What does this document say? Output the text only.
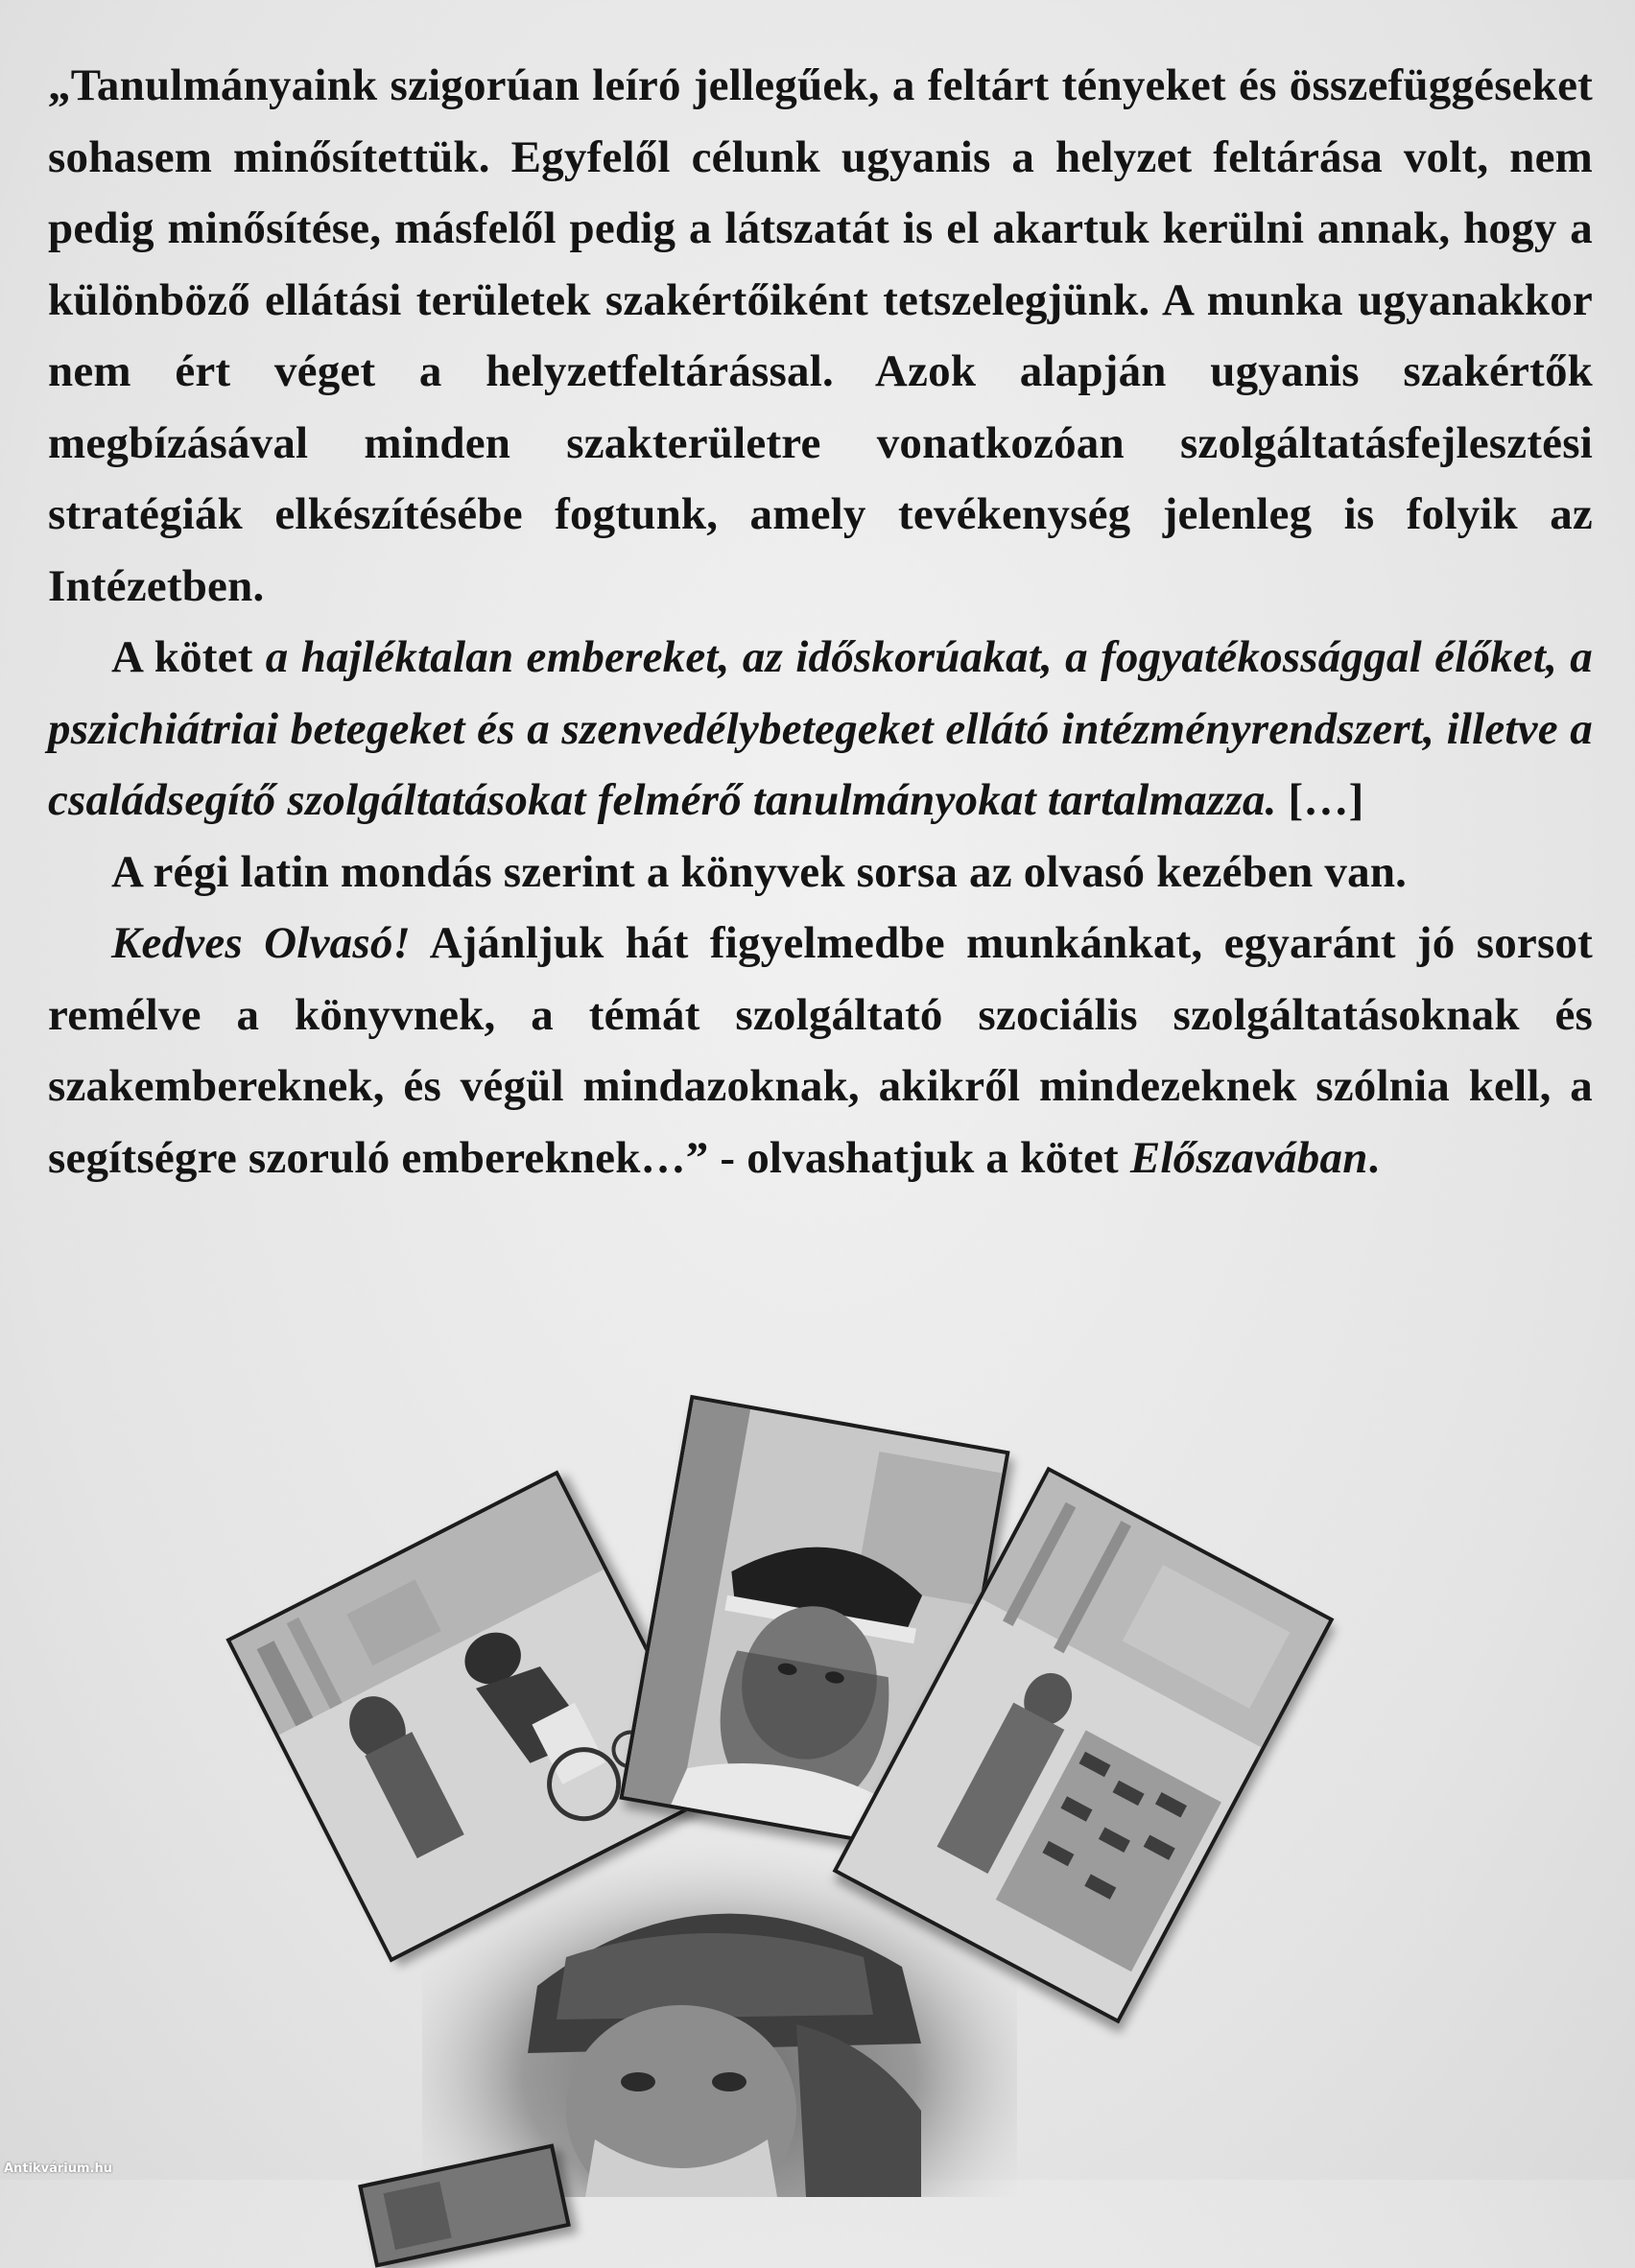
„Tanulmányaink szigorúan leíró jellegűek, a feltárt tényeket és összefüggéseket sohasem minősítettük. Egyfelől célunk ugyanis a helyzet feltárása volt, nem pedig minősítése, másfelől pedig a látszatát is el akartuk kerülni annak, hogy a különböző ellátási területek szakértőiként tetszelegjünk. A munka ugyanakkor nem ért véget a helyzetfeltárással. Azok alapján ugyanis szakértők megbízásával minden szakterületre vonatkozóan szolgáltatásfejlesztési stratégiák elkészítésébe fogtunk, amely tevékenység jelenleg is folyik az Intézetben.

A kötet a hajléktalan embereket, az időskorúakat, a fogyatékossággal élőket, a pszichiátriai betegeket és a szenvedélybetegeket ellátó intézményrendszert, illetve a családsegítő szolgáltatásokat felmérő tanulmányokat tartalmazza. […]

A régi latin mondás szerint a könyvek sorsa az olvasó kezében van.

Kedves Olvasó! Ajánljuk hát figyelmedbe munkánkat, egyaránt jó sorsot remélve a könyvnek, a témát szolgáltató szociális szolgáltatásoknak és szakembereknek, és végül mindazoknak, akikről mindezeknek szólnia kell, a segítségre szoruló embereknek…” - olvashatjuk a kötet Előszavában.

Antikvárium.hu
